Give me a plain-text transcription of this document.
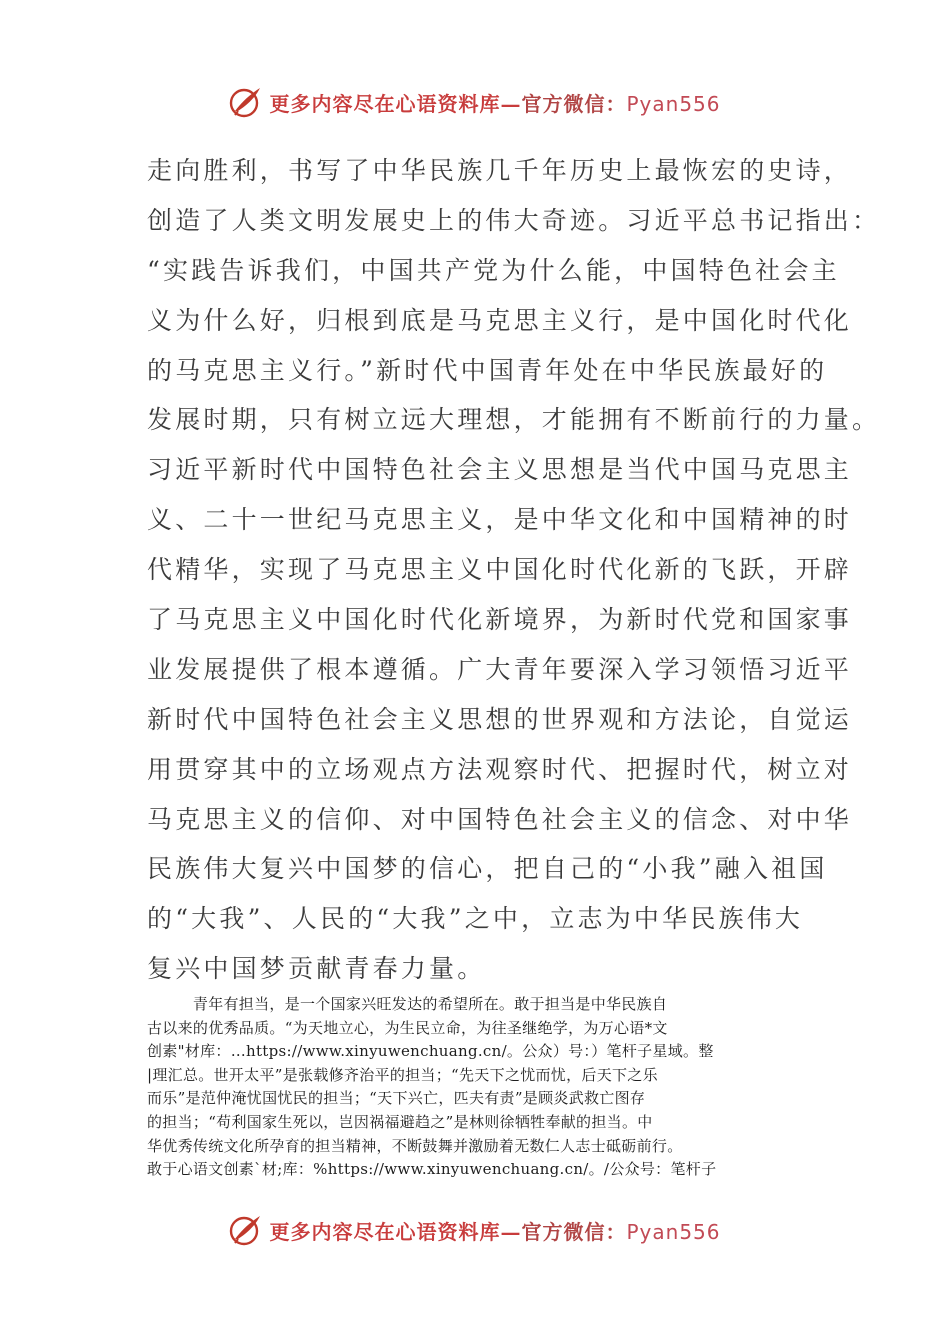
更多内容尽在心语资料库—官方微信：Pyan556
走向胜利，书写了中华民族几千年历史上最恢宏的史诗，
创造了人类文明发展史上的伟大奇迹。习近平总书记指出：
“实践告诉我们，中国共产党为什么能，中国特色社会主
义为什么好，归根到底是马克思主义行，是中国化时代化
的马克思主义行。”新时代中国青年处在中华民族最好的
发展时期，只有树立远大理想，才能拥有不断前行的力量。
习近平新时代中国特色社会主义思想是当代中国马克思主
义、二十一世纪马克思主义，是中华文化和中国精神的时
代精华，实现了马克思主义中国化时代化新的飞跃，开辟
了马克思主义中国化时代化新境界，为新时代党和国家事
业发展提供了根本遵循。广大青年要深入学习领悟习近平
新时代中国特色社会主义思想的世界观和方法论，自觉运
用贯穿其中的立场观点方法观察时代、把握时代，树立对
马克思主义的信仰、对中国特色社会主义的信念、对中华
民族伟大复兴中国梦的信心，把自己的“小我”融入祖国
的“大我”、人民的“大我”之中，立志为中华民族伟大
复兴中国梦贡献青春力量。
　　　青年有担当，是一个国家兴旺发达的希望所在。敢于担当是中华民族自
古以来的优秀品质。“为天地立心，为生民立命，为往圣继绝学，为万心语*文
创素"材库：…https://www.xinyuwenchuang.cn/。公众）号：）笔杆子星域。整
|理汇总。世开太平”是张载修齐治平的担当；“先天下之忧而忧，后天下之乐
而乐”是范仲淹忧国忧民的担当；“天下兴亡，匹夫有责”是顾炎武救亡图存
的担当；“苟利国家生死以，岂因祸福避趋之”是林则徐牺牲奉献的担当。中
华优秀传统文化所孕育的担当精神，不断鼓舞并激励着无数仁人志士砥砺前行。
敢于心语文创素`材;库：%https://www.xinyuwenchuang.cn/。/公众号：笔杆子
更多内容尽在心语资料库—官方微信：Pyan556
